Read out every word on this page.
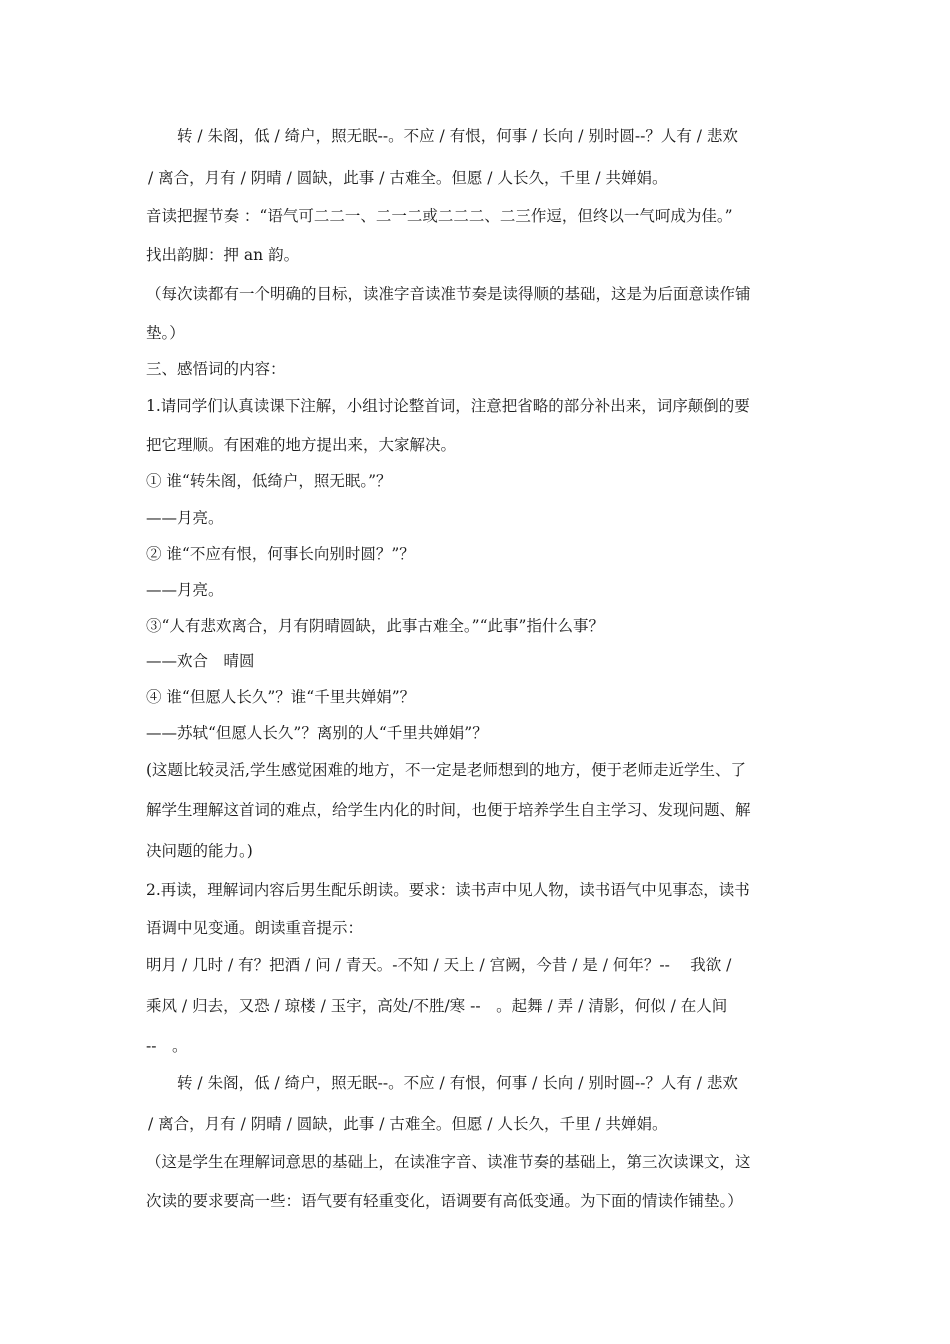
转 / 朱阁，低 / 绮户，照无眠--。不应 / 有恨，何事 / 长向 / 别时圆--？人有 / 悲欢
/ 离合，月有 / 阴晴 / 圆缺，此事 / 古难全。但愿 / 人长久，千里 / 共婵娟。
音读把握节奏 ：“语气可二二一、二一二或二二二、二三作逗，但终以一气呵成为佳。”
找出韵脚：押 an 韵。
（每次读都有一个明确的目标，读准字音读准节奏是读得顺的基础，这是为后面意读作铺
垫。）
三、感悟词的内容：
1.请同学们认真读课下注解，小组讨论整首词，注意把省略的部分补出来，词序颠倒的要
把它理顺。有困难的地方提出来，大家解决。
① 谁“转朱阁，低绮户，照无眠。”？
——月亮。
② 谁“不应有恨，何事长向别时圆？”？
——月亮。
③“人有悲欢离合，月有阴晴圆缺，此事古难全。”“此事”指什么事？
——欢合　晴圆
④ 谁“但愿人长久”？谁“千里共婵娟”？
——苏轼“但愿人长久”？离别的人“千里共婵娟”？
(这题比较灵活,学生感觉困难的地方，不一定是老师想到的地方，便于老师走近学生、了
解学生理解这首词的难点，给学生内化的时间，也便于培养学生自主学习、发现问题、解
决问题的能力。)
2.再读，理解词内容后男生配乐朗读。要求：读书声中见人物，读书语气中见事态，读书
语调中见变通。朗读重音提示：
明月 / 几时 / 有？把酒 / 问 / 青天。-不知 / 天上 / 宫阙，今昔 / 是 / 何年？--　 我欲 /
乘风 / 归去，又恐 / 琼楼 / 玉宇，高处/不胜/寒 --　。起舞 / 弄 / 清影，何似 / 在人间
--　。
转 / 朱阁，低 / 绮户，照无眠--。不应 / 有恨，何事 / 长向 / 别时圆--？人有 / 悲欢
/ 离合，月有 / 阴晴 / 圆缺，此事 / 古难全。但愿 / 人长久，千里 / 共婵娟。
（这是学生在理解词意思的基础上，在读准字音、读准节奏的基础上，第三次读课文，这
次读的要求要高一些：语气要有轻重变化，语调要有高低变通。为下面的情读作铺垫。）
